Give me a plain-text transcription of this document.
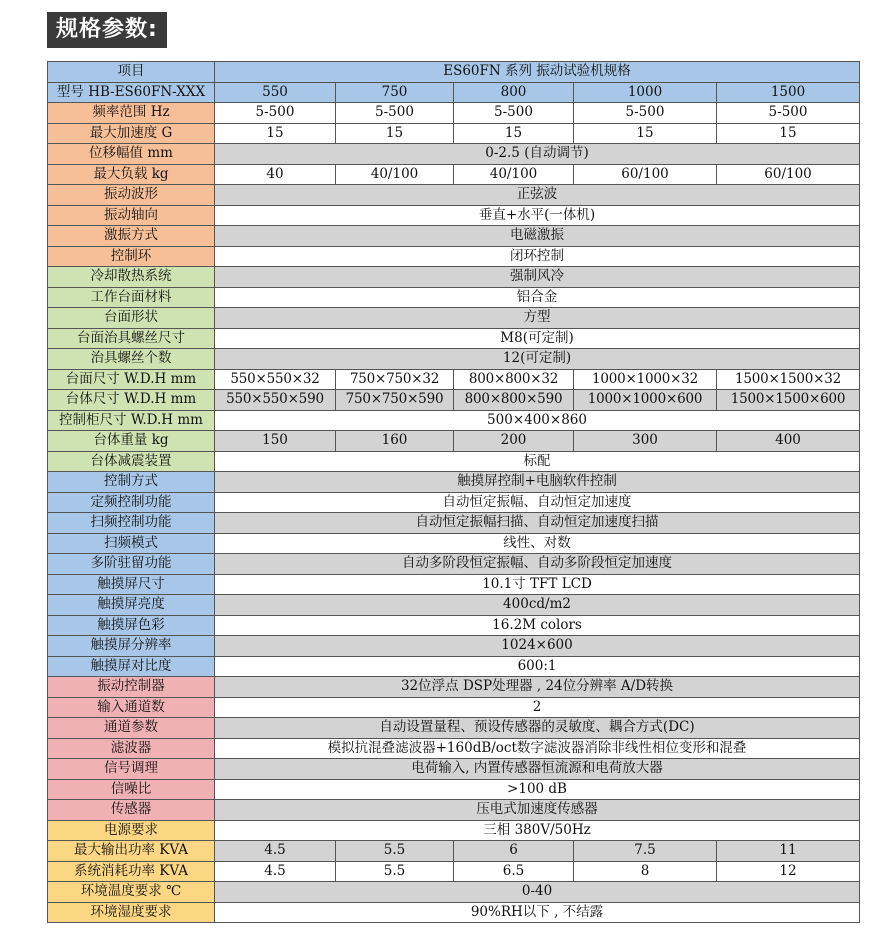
规格参数:
项目	ES60FN 系列 振动试验机规格				
型号 HB-ES60FN-XXX	550	750	800	1000	1500
频率范围 Hz	5-500	5-500	5-500	5-500	5-500
最大加速度 G	15	15	15	15	15
位移幅值 mm	0-2.5 (自动调节)				
最大负载 kg	40	40/100	40/100	60/100	60/100
振动波形	正弦波				
振动轴向	垂直+水平(一体机)				
激振方式	电磁激振				
控制环	闭环控制				
冷却散热系统	强制风冷				
工作台面材料	铝合金				
台面形状	方型				
台面治具螺丝尺寸	M8(可定制)				
治具螺丝个数	12(可定制)				
台面尺寸 W.D.H mm	550×550×32	750×750×32	800×800×32	1000×1000×32	1500×1500×32
台体尺寸 W.D.H mm	550×550×590	750×750×590	800×800×590	1000×1000×600	1500×1500×600
控制柜尺寸 W.D.H mm	500×400×860				
台体重量 kg	150	160	200	300	400
台体减震装置	标配				
控制方式	触摸屏控制+电脑软件控制				
定频控制功能	自动恒定振幅、自动恒定加速度				
扫频控制功能	自动恒定振幅扫描、自动恒定加速度扫描				
扫频模式	线性、对数				
多阶驻留功能	自动多阶段恒定振幅、自动多阶段恒定加速度				
触摸屏尺寸	10.1寸 TFT LCD				
触摸屏亮度	400cd/m2				
触摸屏色彩	16.2M colors				
触摸屏分辨率	1024×600				
触摸屏对比度	600:1				
振动控制器	32位浮点 DSP处理器 , 24位分辨率 A/D转换				
输入通道数	2				
通道参数	自动设置量程、预设传感器的灵敏度、耦合方式(DC)				
滤波器	模拟抗混叠滤波器+160dB/oct数字滤波器消除非线性相位变形和混叠				
信号调理	电荷输入, 内置传感器恒流源和电荷放大器				
信噪比	>100 dB				
传感器	压电式加速度传感器				
电源要求	三相 380V/50Hz				
最大输出功率 KVA	4.5	5.5	6	7.5	11
系统消耗功率 KVA	4.5	5.5	6.5	8	12
环境温度要求 ℃	0-40				
环境湿度要求	90%RH以下 , 不结露				
